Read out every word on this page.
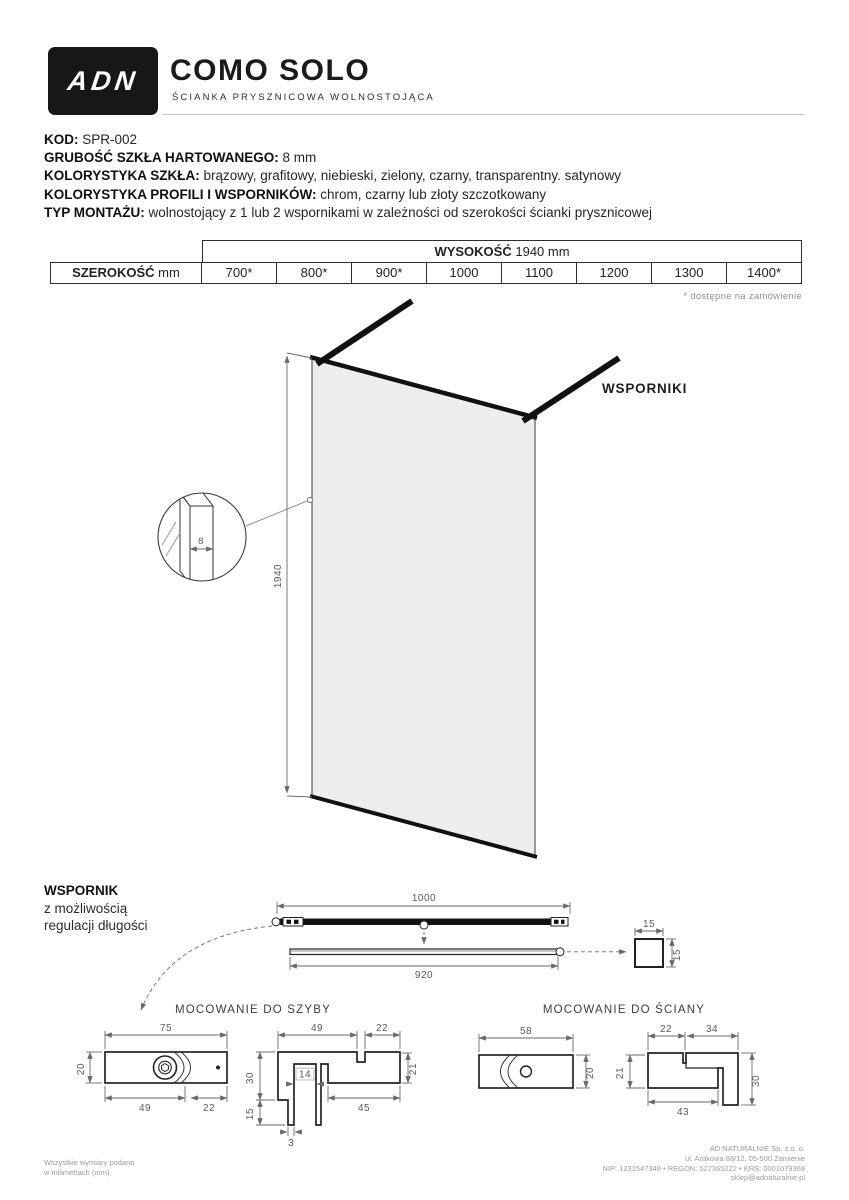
ADN COMO SOLO
ŚCIANKA PRYSZNICOWA WOLNOSTOJĄCA
KOD: SPR-002
GRUBOŚĆ SZKŁA HARTOWANEGO: 8 mm
KOLORYSTYKA SZKŁA: brązowy, grafitowy, niebieski, zielony, czarny, transparentny. satynowy
KOLORYSTYKA PROFILI I WSPORNIKÓW: chrom, czarny lub złoty szczotkowany
TYP MONTAŻU: wolnostojący z 1 lub 2 wspornikami w zależności od szerokości ścianki prysznicowej
WYSOKOŚĆ 1940 mm
SZEROKOŚĆ mm	700*	800*	900*	1000	1100	1200	1300	1400*
* dostępne na zamówienie
WSPORNIKI
WSPORNIK
z możliwością
regulacji długości
MOCOWANIE DO SZYBY	MOCOWANIE DO ŚCIANY
1940
8
1000
920
15
15
75
20
49	22
49	22
30
15
14	21
45
3
58
20
22	34
21
30
43
Wszystkie wymiary podano
w milimetrach (mm).
AD NATURALNIE Sp. z o. o.
ul. Arakowa 88/12, 05-500 Zamienie
NIP: 1231547348 • REGON: 527365222 • KRS: 0001079368
sklep@adnaturalnie.pl
